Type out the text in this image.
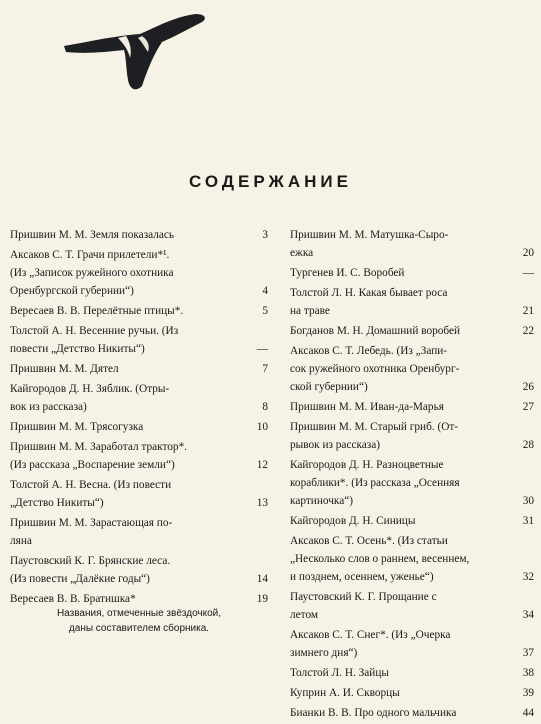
СОДЕРЖАНИЕ
Пришвин М. М. Земля показалась	3
Аксаков С. Т. Грачи прилетели*¹.
(Из „Записок ружейного охотника
Оренбургской губернии“)	4
Вересаев В. В. Перелётные птицы*.	5
Толстой А. Н. Весенние ручьи. (Из
повести „Детство Никиты“)	—
Пришвин М. М. Дятел	7
Кайгородов Д. Н. Зяблик. (Отры-
вок из рассказа)	8
Пришвин М. М. Трясогузка	10
Пришвин М. М. Заработал трактор*.
(Из рассказа „Воспарение земли“)	12
Толстой А. Н. Весна. (Из повести
„Детство Никиты“)	13
Пришвин М. М. Зарастающая по-
ляна
Паустовский К. Г. Брянские леса.
(Из повести „Далёкие годы“)	14
Вересаев В. В. Братишка*	19
Пришвин М. М. Матушка-Сыро-
ежка	20
Тургенев И. С. Воробей	—
Толстой Л. Н. Какая бывает роса
на траве	21
Богданов М. Н. Домашний воробей	22
Аксаков С. Т. Лебедь. (Из „Запи-
сок ружейного охотника Оренбург-
ской губернии“)	26
Пришвин М. М. Иван-да-Марья	27
Пришвин М. М. Старый гриб. (От-
рывок из рассказа)	28
Кайгородов Д. Н. Разноцветные
кораблики*. (Из рассказа „Осенняя
картиночка“)	30
Кайгородов Д. Н. Синицы	31
Аксаков С. Т. Осень*. (Из статьи
„Несколько слов о раннем, весеннем,
и позднем, осеннем, уженье“)	32
Паустовский К. Г. Прощание с
летом	34
Аксаков С. Т. Снег*. (Из „Очерка
зимнего дня“)	37
Толстой Л. Н. Зайцы	38
Куприн А. И. Скворцы	39
Бианки В. В. Про одного мальчика	44
Названия, отмеченные звёздочкой,
даны составителем сборника.
